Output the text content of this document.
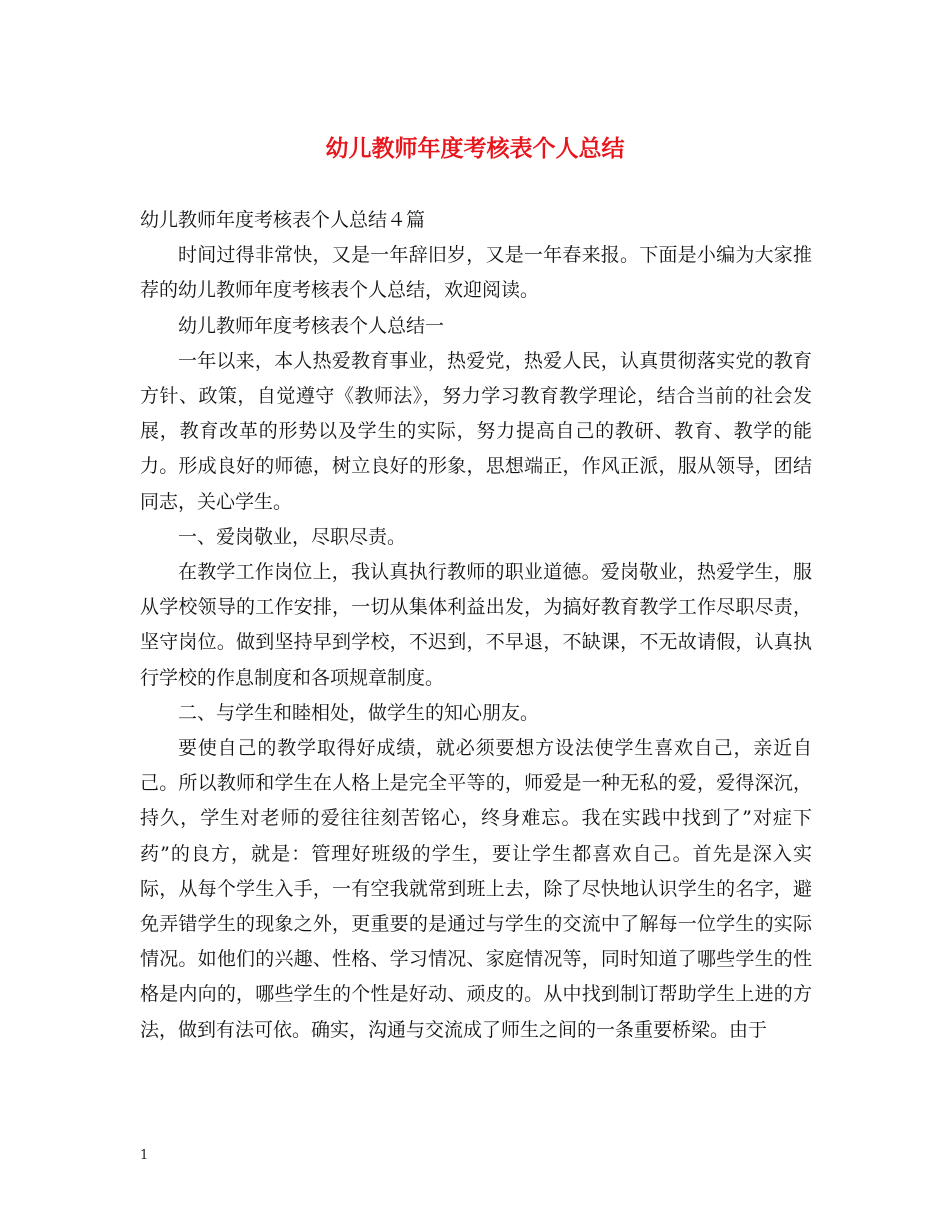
幼儿教师年度考核表个人总结

幼儿教师年度考核表个人总结４篇

时间过得非常快，又是一年辞旧岁，又是一年春来报。下面是小编为大家推荐的幼儿教师年度考核表个人总结，欢迎阅读。

幼儿教师年度考核表个人总结一

一年以来，本人热爱教育事业，热爱党，热爱人民，认真贯彻落实党的教育方针、政策，自觉遵守《教师法》，努力学习教育教学理论，结合当前的社会发展，教育改革的形势以及学生的实际，努力提高自己的教研、教育、教学的能力。形成良好的师德，树立良好的形象，思想端正，作风正派，服从领导，团结同志，关心学生。

一、爱岗敬业，尽职尽责。

在教学工作岗位上，我认真执行教师的职业道德。爱岗敬业，热爱学生，服从学校领导的工作安排，一切从集体利益出发，为搞好教育教学工作尽职尽责，坚守岗位。做到坚持早到学校，不迟到，不早退，不缺课，不无故请假，认真执行学校的作息制度和各项规章制度。

二、与学生和睦相处，做学生的知心朋友。

要使自己的教学取得好成绩，就必须要想方设法使学生喜欢自己，亲近自己。所以教师和学生在人格上是完全平等的，师爱是一种无私的爱，爱得深沉，持久，学生对老师的爱往往刻苦铭心，终身难忘。我在实践中找到了”对症下药”的良方，就是：管理好班级的学生，要让学生都喜欢自己。首先是深入实际，从每个学生入手，一有空我就常到班上去，除了尽快地认识学生的名字，避免弄错学生的现象之外，更重要的是通过与学生的交流中了解每一位学生的实际情况。如他们的兴趣、性格、学习情况、家庭情况等，同时知道了哪些学生的性格是内向的，哪些学生的个性是好动、顽皮的。从中找到制订帮助学生上进的方法，做到有法可依。确实，沟通与交流成了师生之间的一条重要桥梁。由于

1
